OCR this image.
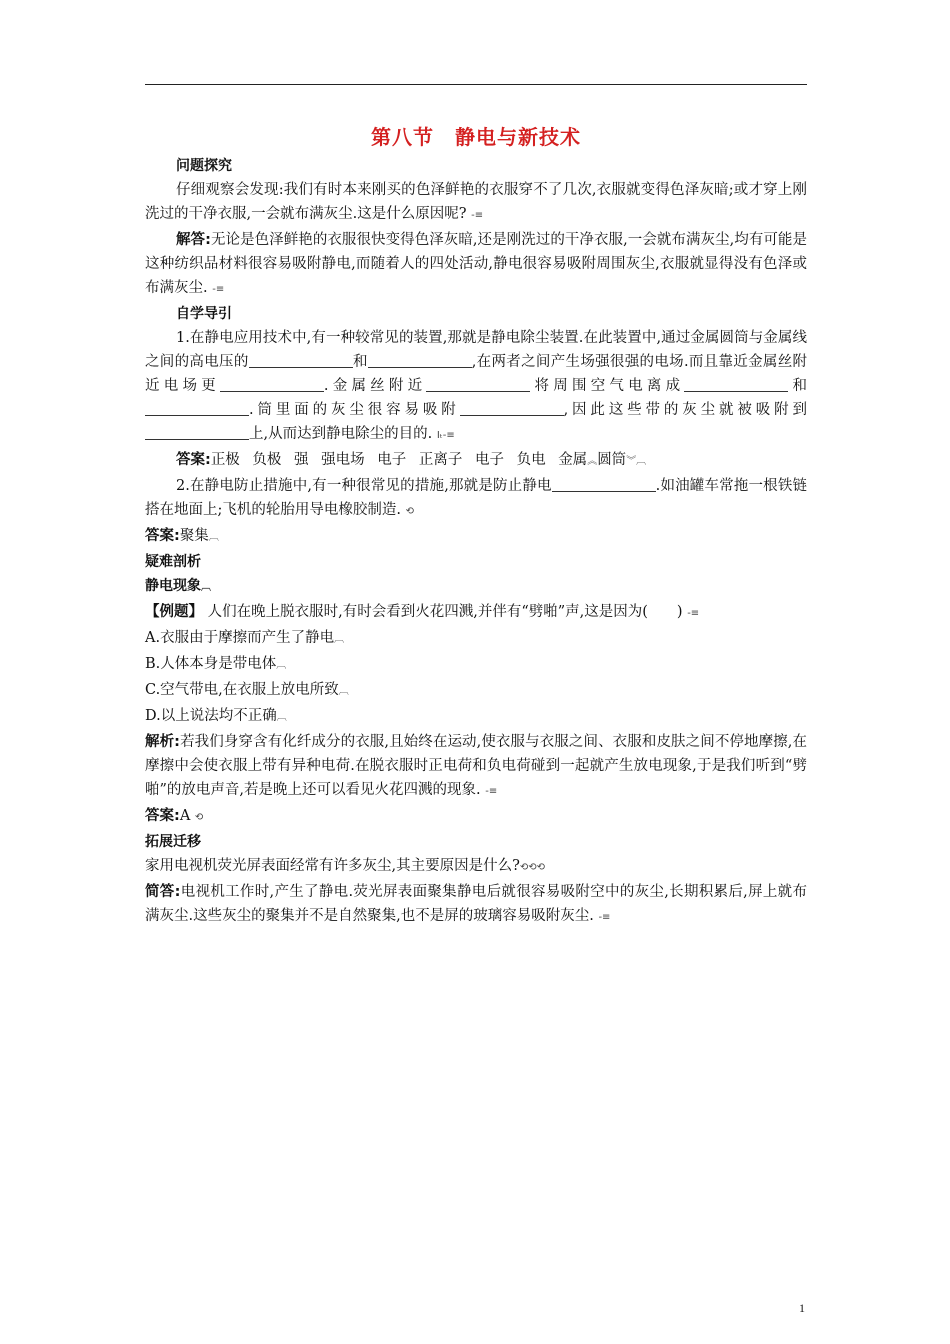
第八节　静电与新技术
问题探究

仔细观察会发现:我们有时本来刚买的色泽鲜艳的衣服穿不了几次,衣服就变得色泽灰暗;或才穿上刚洗过的干净衣服,一会就布满灰尘.这是什么原因呢? -≡

解答:无论是色泽鲜艳的衣服很快变得色泽灰暗,还是刚洗过的干净衣服,一会就布满灰尘,均有可能是这种纺织品材料很容易吸附静电,而随着人的四处活动,静电很容易吸附周围灰尘,衣服就显得没有色泽或布满灰尘. -≡

自学导引

1.在静电应用技术中,有一种较常见的装置,那就是静电除尘装置.在此装置中,通过金属圆筒与金属线之间的高电压的	和	,在两者之间产生场强很强的电场.而且靠近金属丝附近电场更	.金属丝附近	将周围空气电离成	和.筒里面的灰尘很容易吸附	,因此这些带的灰尘就被吸附到上,从而达到静电除尘的目的. Iₜ-≡

答案:正极 负极 强 强电场 电子 正离子 电子 负电 金属︽圆筒︾︹

2.在静电防止措施中,有一种很常见的措施,那就是防止静电	.如油罐车常拖一根铁链搭在地面上;飞机的轮胎用导电橡胶制造. ⟲

答案:聚集︹

疑难剖析
静电现象︹

【例题】 人们在晚上脱衣服时,有时会看到火花四溅,并伴有“劈啪”声,这是因为(　　) -≡

A.衣服由于摩擦而产生了静电︹

B.人体本身是带电体︹

C.空气带电,在衣服上放电所致︹

D.以上说法均不正确︹

解析:若我们身穿含有化纤成分的衣服,且始终在运动,使衣服与衣服之间、衣服和皮肤之间不停地摩擦,在摩擦中会使衣服上带有异种电荷.在脱衣服时正电荷和负电荷碰到一起就产生放电现象,于是我们听到“劈啪”的放电声音,若是晚上还可以看见火花四溅的现象. -≡

答案:A ⟲

拓展迁移

家用电视机荧光屏表面经常有许多灰尘,其主要原因是什么?⟲⟲⟲

简答:电视机工作时,产生了静电.荧光屏表面聚集静电后就很容易吸附空中的灰尘,长期积累后,屏上就布满灰尘.这些灰尘的聚集并不是自然聚集,也不是屏的玻璃容易吸附灰尘. -≡

1
